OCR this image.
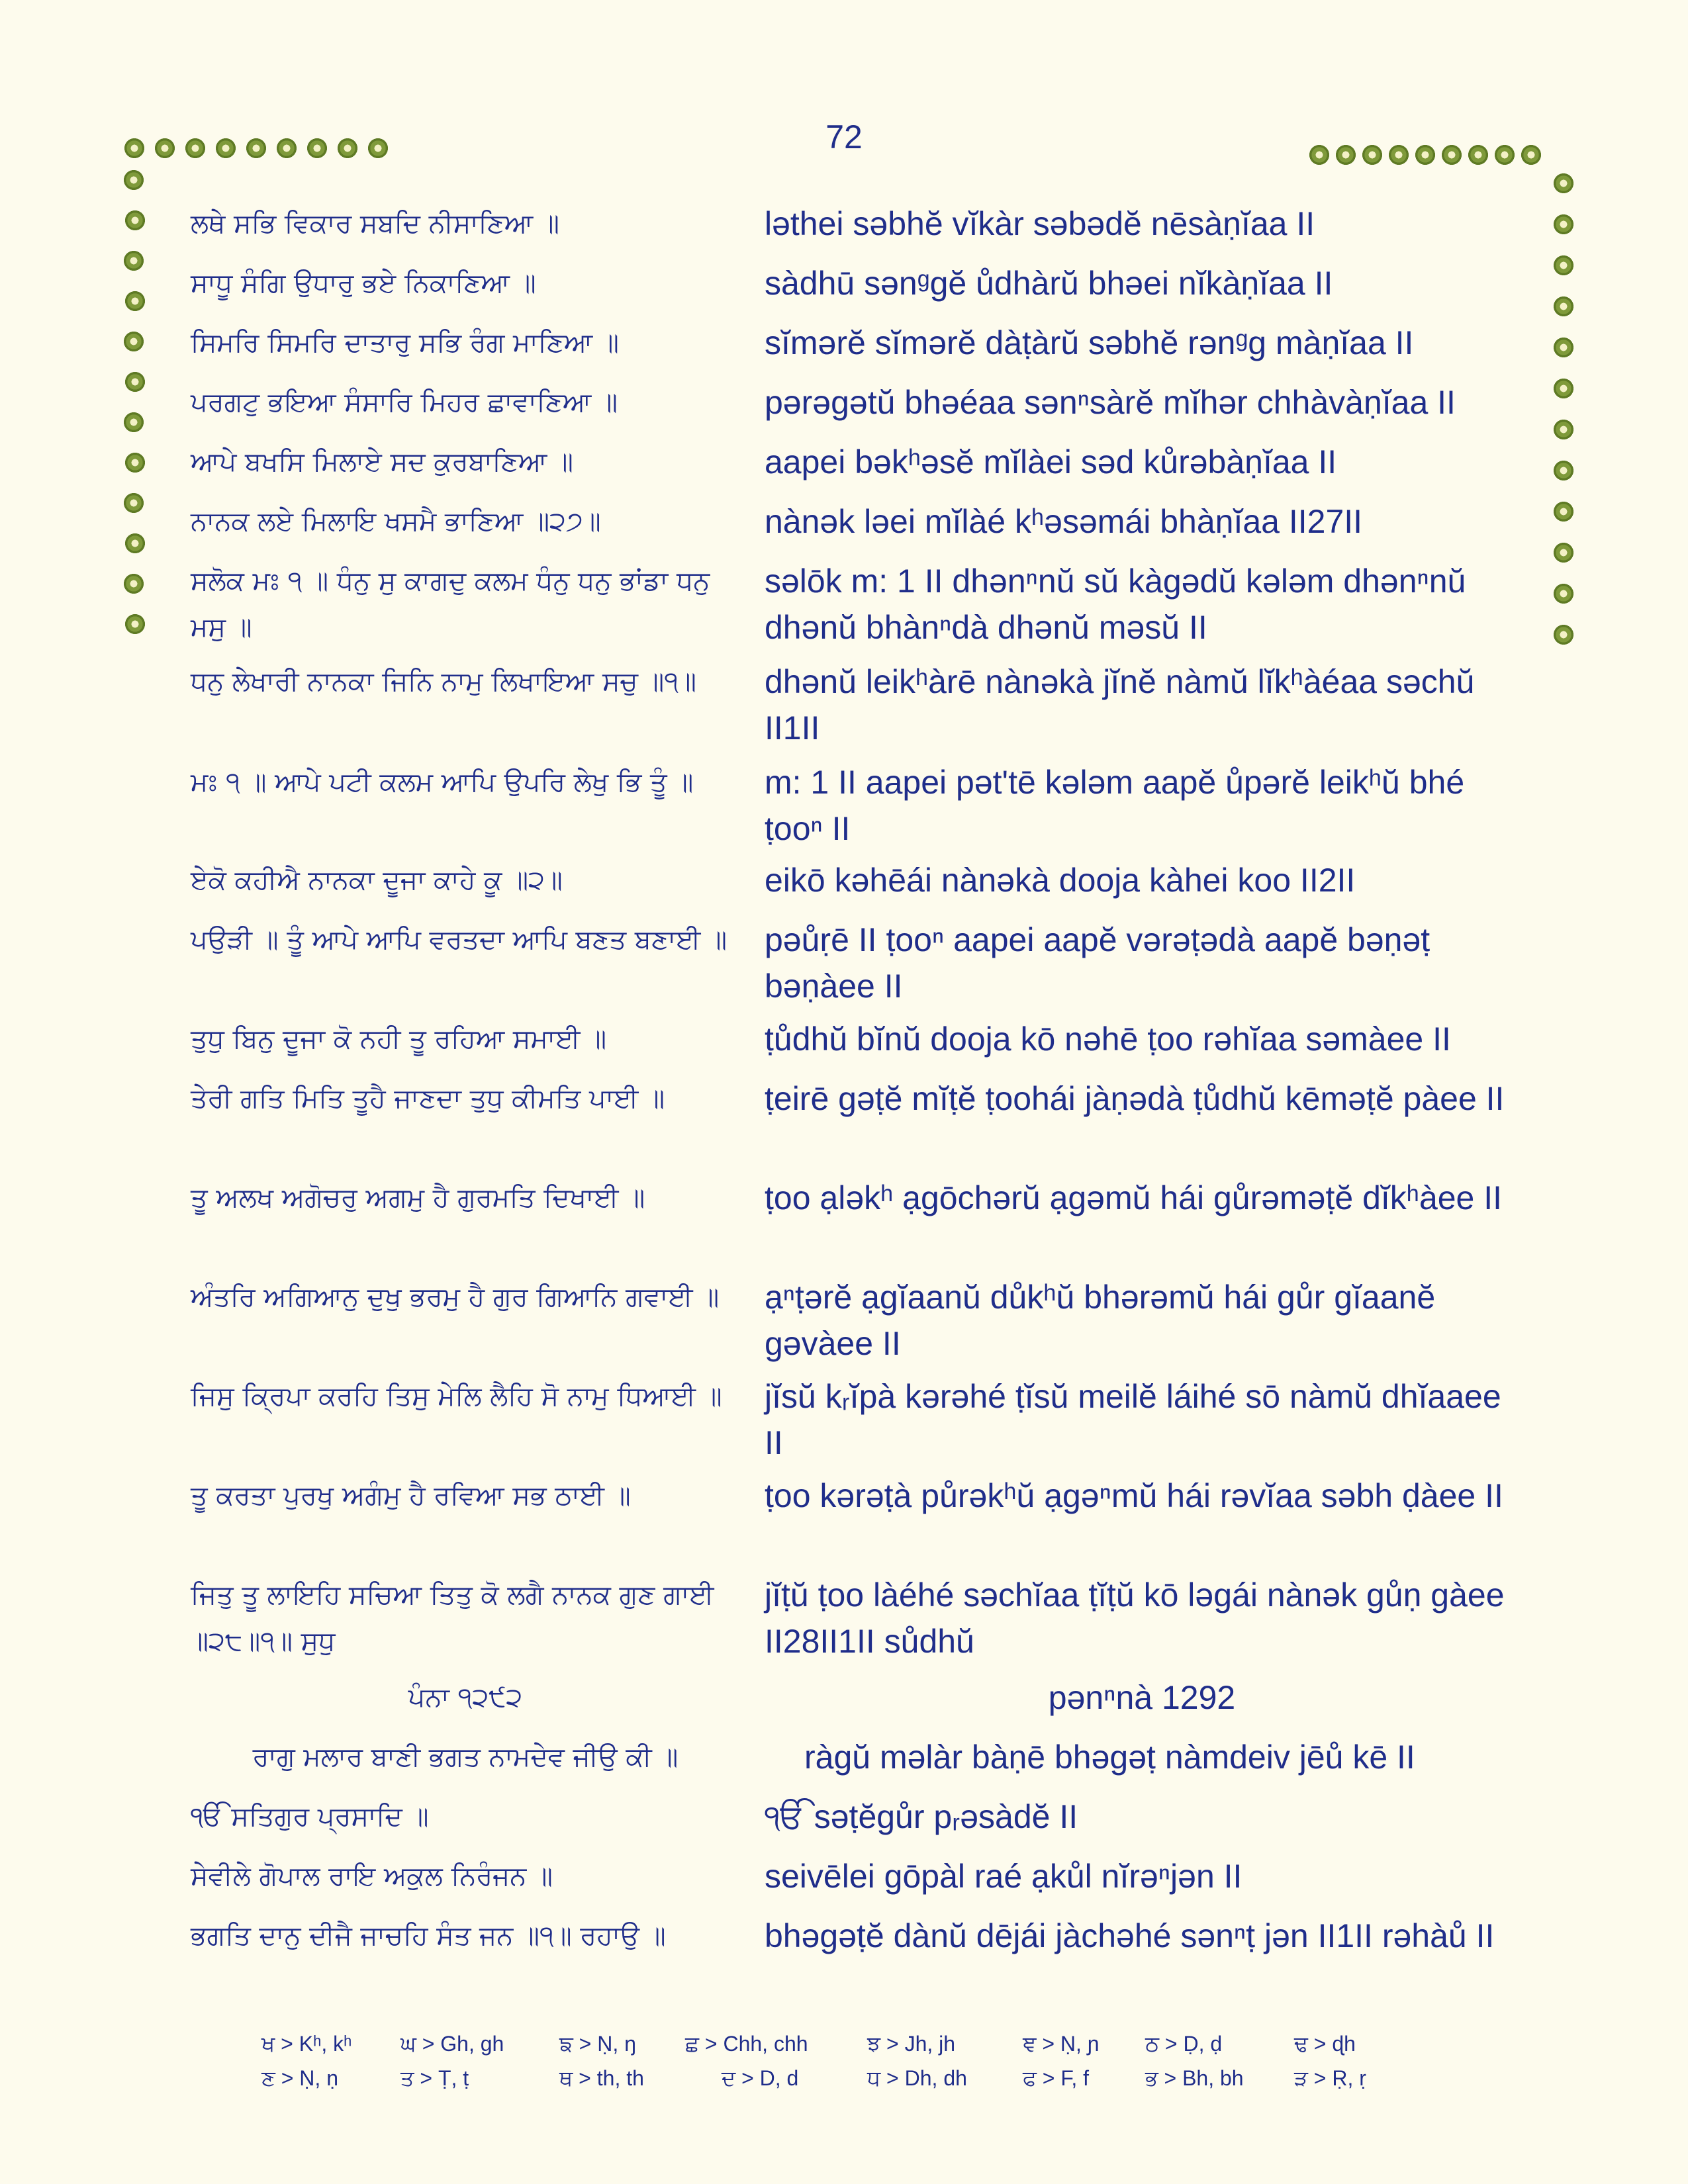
72
ਲਥੇ ਸਭਿ ਵਿਕਾਰ ਸਬਦਿ ਨੀਸਾਣਿਆ ॥	ləthei səbhĕ vĭkàr səbədĕ nēsàṇĭaa II
ਸਾਧੂ ਸੰਗਿ ਉਧਾਰੁ ਭਏ ਨਿਕਾਣਿਆ ॥	sàdhū sənᵍgĕ ůdhàrŭ bhəei nĭkàṇĭaa II
ਸਿਮਰਿ ਸਿਮਰਿ ਦਾਤਾਰੁ ਸਭਿ ਰੰਗ ਮਾਣਿਆ ॥	sĭmərĕ sĭmərĕ dàṭàrŭ səbhĕ rənᵍg màṇĭaa II
ਪਰਗਟੁ ਭਇਆ ਸੰਸਾਰਿ ਮਿਹਰ ਛਾਵਾਣਿਆ ॥	pərəgətŭ bhəéaa sənⁿsàrĕ mĭhər chhàvàṇĭaa II
ਆਪੇ ਬਖਸਿ ਮਿਲਾਏ ਸਦ ਕੁਰਬਾਣਿਆ ॥	aapei bəkʰəsĕ mĭlàei səd kůrəbàṇĭaa II
ਨਾਨਕ ਲਏ ਮਿਲਾਇ ਖਸਮੈ ਭਾਣਿਆ ॥੨੭॥	nànək ləei mĭlàé kʰəsəmái bhàṇĭaa II27II
ਸਲੋਕ ਮਃ ੧ ॥ ਧੰਨੁ ਸੁ ਕਾਗਦੁ ਕਲਮ ਧੰਨੁ ਧਨੁ ਭਾਂਡਾ ਧਨੁ ਮਸੁ ॥
səlōk m: 1 II dhənⁿnŭ sŭ kàgədŭ kələm dhənⁿnŭ dhənŭ bhànⁿdà dhənŭ məsŭ II
ਧਨੁ ਲੇਖਾਰੀ ਨਾਨਕਾ ਜਿਨਿ ਨਾਮੁ ਲਿਖਾਇਆ ਸਚੁ ॥੧॥	dhənŭ leikʰàrē nànəkà jĭnĕ nàmŭ lĭkʰàéaa səchŭ II1II
ਮਃ ੧ ॥ ਆਪੇ ਪਟੀ ਕਲਮ ਆਪਿ ਉਪਰਿ ਲੇਖੁ ਭਿ ਤੂੰ ॥	m: 1 II aapei pət'tē kələm aapĕ ůpərĕ leikʰŭ bhé ṭooⁿ II
ਏਕੋ ਕਹੀਐ ਨਾਨਕਾ ਦੂਜਾ ਕਾਹੇ ਕੂ ॥੨॥	eikō kəhēái nànəkà dooja kàhei koo II2II
ਪਉੜੀ ॥ ਤੂੰ ਆਪੇ ਆਪਿ ਵਰਤਦਾ ਆਪਿ ਬਣਤ ਬਣਾਈ ॥	pəůṛē II ṭooⁿ aapei aapĕ vərəṭədà aapĕ bəṇəṭ bəṇàee II
ਤੁਧੁ ਬਿਨੁ ਦੂਜਾ ਕੋ ਨਹੀ ਤੂ ਰਹਿਆ ਸਮਾਈ ॥	ṭůdhŭ bĭnŭ dooja kō nəhē ṭoo rəhĭaa səmàee II
ਤੇਰੀ ਗਤਿ ਮਿਤਿ ਤੂਹੈ ਜਾਣਦਾ ਤੁਧੁ ਕੀਮਤਿ ਪਾਈ ॥	ṭeirē gəṭĕ mĭṭĕ ṭoohái jàṇədà ṭůdhŭ kēməṭĕ pàee II
ਤੂ ਅਲਖ ਅਗੋਚਰੁ ਅਗਮੁ ਹੈ ਗੁਰਮਤਿ ਦਿਖਾਈ ॥	ṭoo ạləkʰ ạgōchərŭ ạgəmŭ hái gůrəməṭĕ dĭkʰàee II
ਅੰਤਰਿ ਅਗਿਆਨੁ ਦੁਖੁ ਭਰਮੁ ਹੈ ਗੁਰ ਗਿਆਨਿ ਗਵਾਈ ॥	ạⁿṭərĕ ạgĭaanŭ důkʰŭ bhərəmŭ hái gůr gĭaanĕ gəvàee II
ਜਿਸੁ ਕ੍ਰਿਪਾ ਕਰਹਿ ਤਿਸੁ ਮੇਲਿ ਲੈਹਿ ਸੋ ਨਾਮੁ ਧਿਆਈ ॥	jĭsŭ kᵣĭpà kərəhé ṭĭsŭ meilĕ láihé sō nàmŭ dhĭaaee II
ਤੂ ਕਰਤਾ ਪੁਰਖੁ ਅਗੰਮੁ ਹੈ ਰਵਿਆ ਸਭ ਠਾਈ ॥	ṭoo kərəṭà půrəkʰŭ ạgəⁿmŭ hái rəvĭaa səbh ḍàee II
ਜਿਤੁ ਤੂ ਲਾਇਹਿ ਸਚਿਆ ਤਿਤੁ ਕੋ ਲਗੈ ਨਾਨਕ ਗੁਣ ਗਾਈ ॥੨੮॥੧॥ ਸੁਧੁ
jĭṭŭ ṭoo làéhé səchĭaa ṭĭṭŭ kō ləgái nànək gůṇ gàee II28II1II sůdhŭ
ਪੰਨਾ ੧੨੯੨	pənⁿnà 1292
ਰਾਗੁ ਮਲਾਰ ਬਾਣੀ ਭਗਤ ਨਾਮਦੇਵ ਜੀਉ ਕੀ ॥	ràgŭ məlàr bàṇē bhəgəṭ nàmdeiv jēů kē II
ੴ ਸਤਿਗੁਰ ਪ੍ਰਸਾਦਿ ॥	ੴ səṭĕgůr pᵣəsàdĕ II
ਸੇਵੀਲੇ ਗੋਪਾਲ ਰਾਇ ਅਕੁਲ ਨਿਰੰਜਨ ॥	seivēlei gōpàl raé ạkůl nĭrəⁿjən II
ਭਗਤਿ ਦਾਨੁ ਦੀਜੈ ਜਾਚਹਿ ਸੰਤ ਜਨ ॥੧॥ ਰਹਾਉ ॥	bhəgəṭĕ dànŭ dējái jàchəhé sənⁿṭ jən II1II rəhàů II
ਖ > Kʰ, kʰ ਘ > Gh, gh	ਙ > Ṇ, ŋ ਛ > Chh, chh	ਝ > Jh, jh	ਞ > Ṇ, ɲ ਠ > Ḍ, ḍ	ਢ > ɖh
ਣ > Ṇ, ṇ	ਤ > Ṭ, ṭ	ਥ > th, th	ਦ > D, d	ਧ > Dh, dh	ਫ > F, f	ਭ > Bh, bh ੜ > Ṛ, ṛ
